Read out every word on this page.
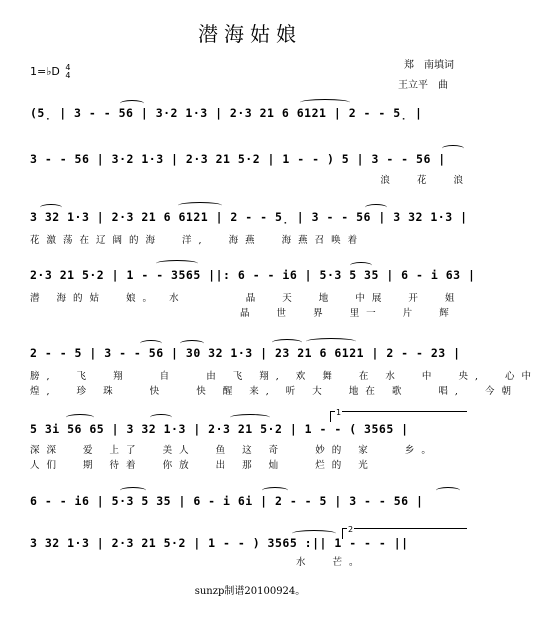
潜海姑娘
郑　南填词
王立平　曲
1=♭D 4
4
(5̣ | 3 - - 56 | 3·2 1·3 | 2·3 21 6 6121 | 2 - - 5̣ |
3 - - 56 | 3·2 1·3 | 2·3 21 5·2 | 1 - - ) 5 | 3 - - 56 |
浪  花  浪
3 32 1·3 | 2·3 21 6 6121 | 2 - - 5̣ | 3 - - 56 | 3 32 1·3 |
花激荡在辽阔的海  洋,  海燕  海燕召唤着
2·3 21 5·2 | 1 - - 3565 ||: 6 - - i6 | 5·3 5 35 | 6 - i 63 |
潜 海的姑  娘。 水      晶  天  地  中展  开  姐
晶  世  界  里一  片  辉
2 - - 5 | 3 - - 56 | 30 32 1·3 | 23 21 6 6121 | 2 - - 23 |
膀,  飞  翔   自   由 飞 翔, 欢 舞  在 水  中  央,  心中
煌,  珍 珠   快   快 醒 来, 听 大  地在 歌   唱,  今朝
1
5 3i 56 65 | 3 32 1·3 | 2·3 21 5·2 | 1 - - ( 3565 |
深深  爱 上了  美人  鱼 这 奇   妙的 家   乡。
人们  期 待着  你放  出 那 灿   烂的 光
6 - - i6 | 5·3 5 35 | 6 - i 6i | 2 - - 5 | 3 - - 56 |
2
3 32 1·3 | 2·3 21 5·2 | 1 - - ) 3565 :|| 1 - - - ||
水  芒。
sunzp制谱20100924。
